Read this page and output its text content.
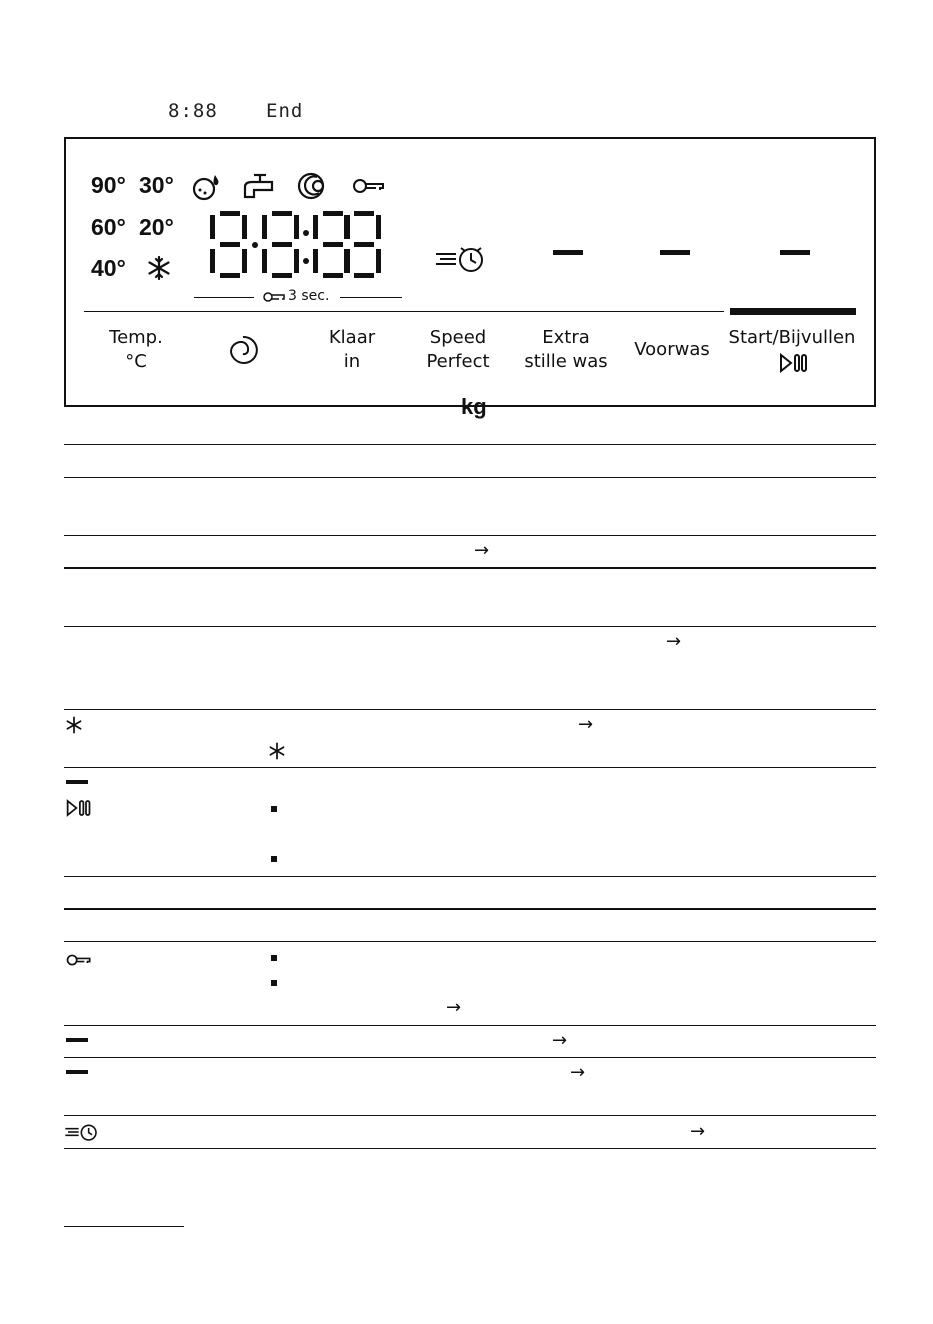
8:88	End
90° 30°
60° 20°
40°
kg
3 sec.
Temp.
°C
Klaar
in
Speed
Perfect
Extra
stille was
Voorwas
Start/Bijvullen
→
→
→
→
→
→
→
